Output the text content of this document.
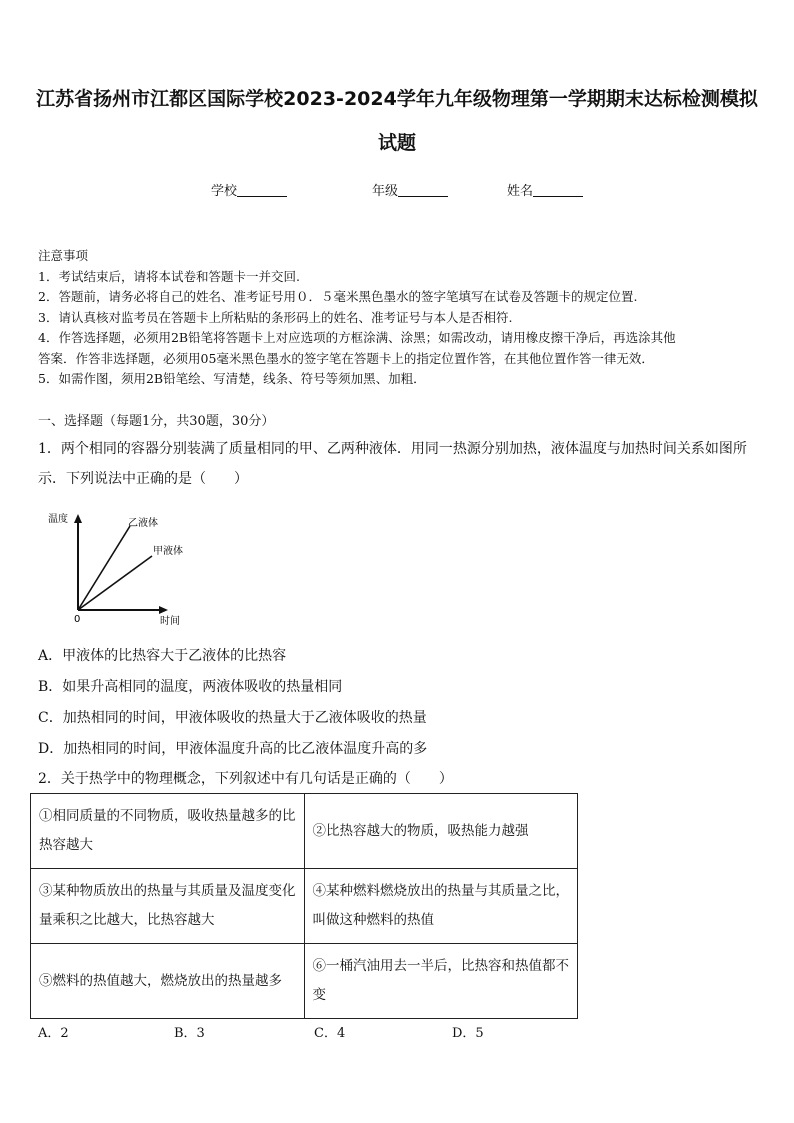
江苏省扬州市江都区国际学校2023-2024学年九年级物理第一学期期末达标检测模拟
试题
学校	年级	姓名
注意事项
1．考试结束后，请将本试卷和答题卡一并交回.
2．答题前，请务必将自己的姓名、准考证号用０．５毫米黑色墨水的签字笔填写在试卷及答题卡的规定位置.
3．请认真核对监考员在答题卡上所粘贴的条形码上的姓名、准考证号与本人是否相符.
4．作答选择题，必须用2B铅笔将答题卡上对应选项的方框涂满、涂黑；如需改动，请用橡皮擦干净后，再选涂其他
答案．作答非选择题，必须用05毫米黑色墨水的签字笔在答题卡上的指定位置作答，在其他位置作答一律无效．
5．如需作图，须用2B铅笔绘、写清楚，线条、符号等须加黑、加粗．
一、选择题（每题1分，共30题，30分）
1．两个相同的容器分别装满了质量相同的甲、乙两种液体．用同一热源分别加热，液体温度与加热时间关系如图所
示．下列说法中正确的是（　　）
温度
时间
0
乙液体
甲液体
A．甲液体的比热容大于乙液体的比热容
B．如果升高相同的温度，两液体吸收的热量相同
C．加热相同的时间，甲液体吸收的热量大于乙液体吸收的热量
D．加热相同的时间，甲液体温度升高的比乙液体温度升高的多
2．关于热学中的物理概念，下列叙述中有几句话是正确的（　　）
①相同质量的不同物质，吸收热量越多的比热容越大	②比热容越大的物质，吸热能力越强
③某种物质放出的热量与其质量及温度变化量乘积之比越大，比热容越大	④某种燃料燃烧放出的热量与其质量之比，叫做这种燃料的热值
⑤燃料的热值越大，燃烧放出的热量越多	⑥一桶汽油用去一半后，比热容和热值都不变
A．2	B．3	C．4	D．5
